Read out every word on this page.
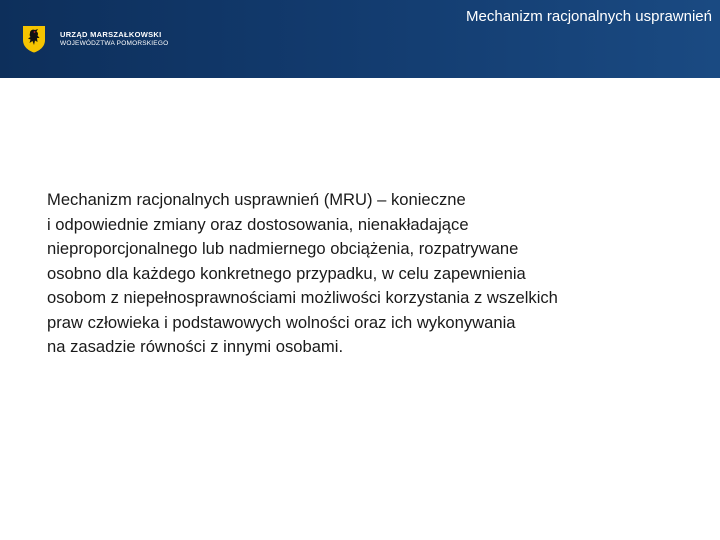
URZĄD MARSZAŁKOWSKI
WOJEWÓDZTWA POMORSKIEGO
Mechanizm racjonalnych usprawnień
Mechanizm racjonalnych usprawnień (MRU) – konieczne
i odpowiednie zmiany oraz dostosowania, nienakładające
nieproporcjonalnego lub nadmiernego obciążenia, rozpatrywane
osobno dla każdego konkretnego przypadku, w celu zapewnienia
osobom z niepełnosprawnościami możliwości korzystania z wszelkich
praw człowieka i podstawowych wolności oraz ich wykonywania
na zasadzie równości z innymi osobami.
